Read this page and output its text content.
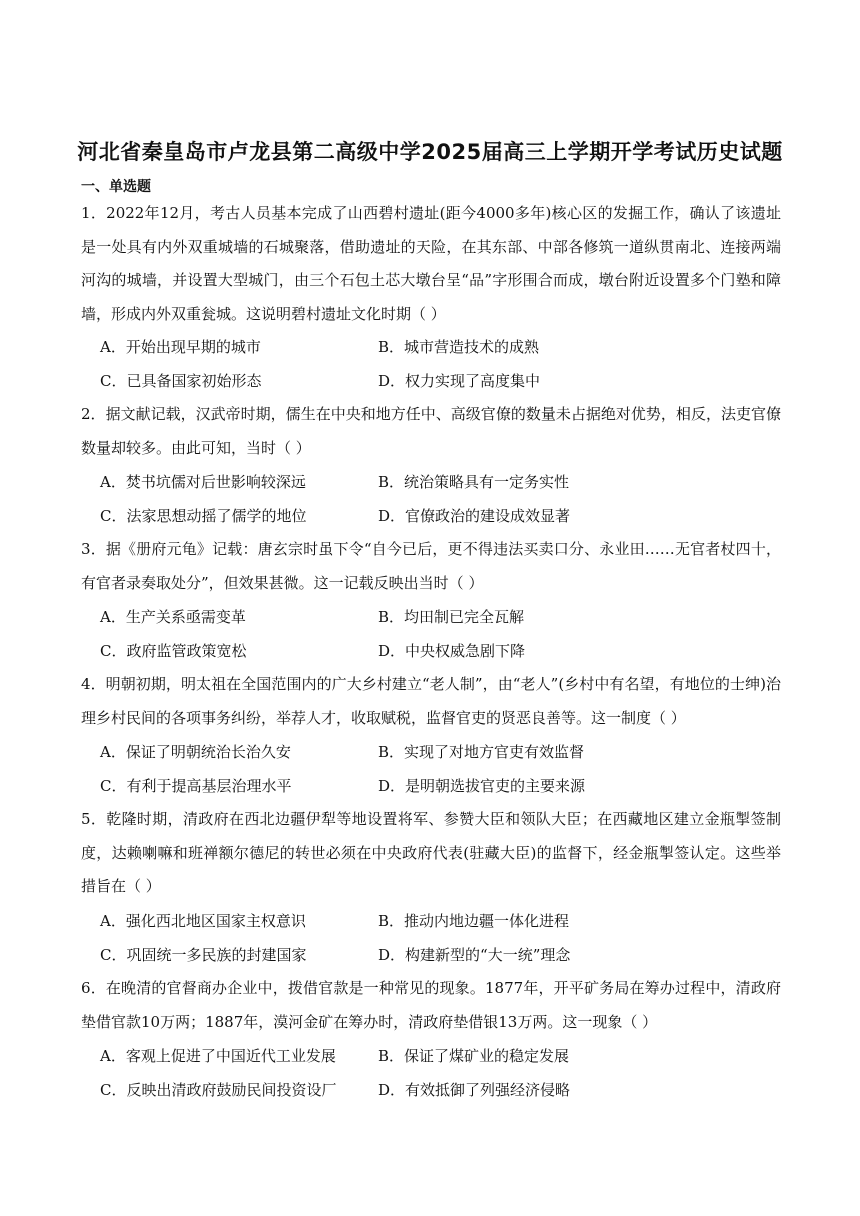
河北省秦皇岛市卢龙县第二高级中学2025届高三上学期开学考试历史试题
一、单选题
1．2022年12月，考古人员基本完成了山西碧村遗址(距今4000多年)核心区的发掘工作，确认了该遗址是一处具有内外双重城墙的石城聚落，借助遗址的天险，在其东部、中部各修筑一道纵贯南北、连接两端河沟的城墙，并设置大型城门，由三个石包土芯大墩台呈“品”字形围合而成，墩台附近设置多个门塾和障墙，形成内外双重瓮城。这说明碧村遗址文化时期（ ）
A．开始出现早期的城市	B．城市营造技术的成熟
C．已具备国家初始形态	D．权力实现了高度集中
2．据文献记载，汉武帝时期，儒生在中央和地方任中、高级官僚的数量未占据绝对优势，相反，法吏官僚数量却较多。由此可知，当时（ ）
A．焚书坑儒对后世影响较深远	B．统治策略具有一定务实性
C．法家思想动摇了儒学的地位	D．官僚政治的建设成效显著
3．据《册府元龟》记载：唐玄宗时虽下令“自今已后，更不得违法买卖口分、永业田……无官者杖四十，有官者录奏取处分”，但效果甚微。这一记载反映出当时（ ）
A．生产关系亟需变革	B．均田制已完全瓦解
C．政府监管政策宽松	D．中央权威急剧下降
4．明朝初期，明太祖在全国范围内的广大乡村建立“老人制”，由“老人”(乡村中有名望，有地位的士绅)治理乡村民间的各项事务纠纷，举荐人才，收取赋税，监督官吏的贤恶良善等。这一制度（ ）
A．保证了明朝统治长治久安	B．实现了对地方官吏有效监督
C．有利于提高基层治理水平	D．是明朝选拔官吏的主要来源
5．乾隆时期，清政府在西北边疆伊犁等地设置将军、参赞大臣和领队大臣；在西藏地区建立金瓶掣签制度，达赖喇嘛和班禅额尔德尼的转世必须在中央政府代表(驻藏大臣)的监督下，经金瓶掣签认定。这些举措旨在（ ）
A．强化西北地区国家主权意识	B．推动内地边疆一体化进程
C．巩固统一多民族的封建国家	D．构建新型的“大一统”理念
6．在晚清的官督商办企业中，拨借官款是一种常见的现象。1877年，开平矿务局在筹办过程中，清政府垫借官款10万两；1887年，漠河金矿在筹办时，清政府垫借银13万两。这一现象（ ）
A．客观上促进了中国近代工业发展	B．保证了煤矿业的稳定发展
C．反映出清政府鼓励民间投资设厂	D．有效抵御了列强经济侵略
